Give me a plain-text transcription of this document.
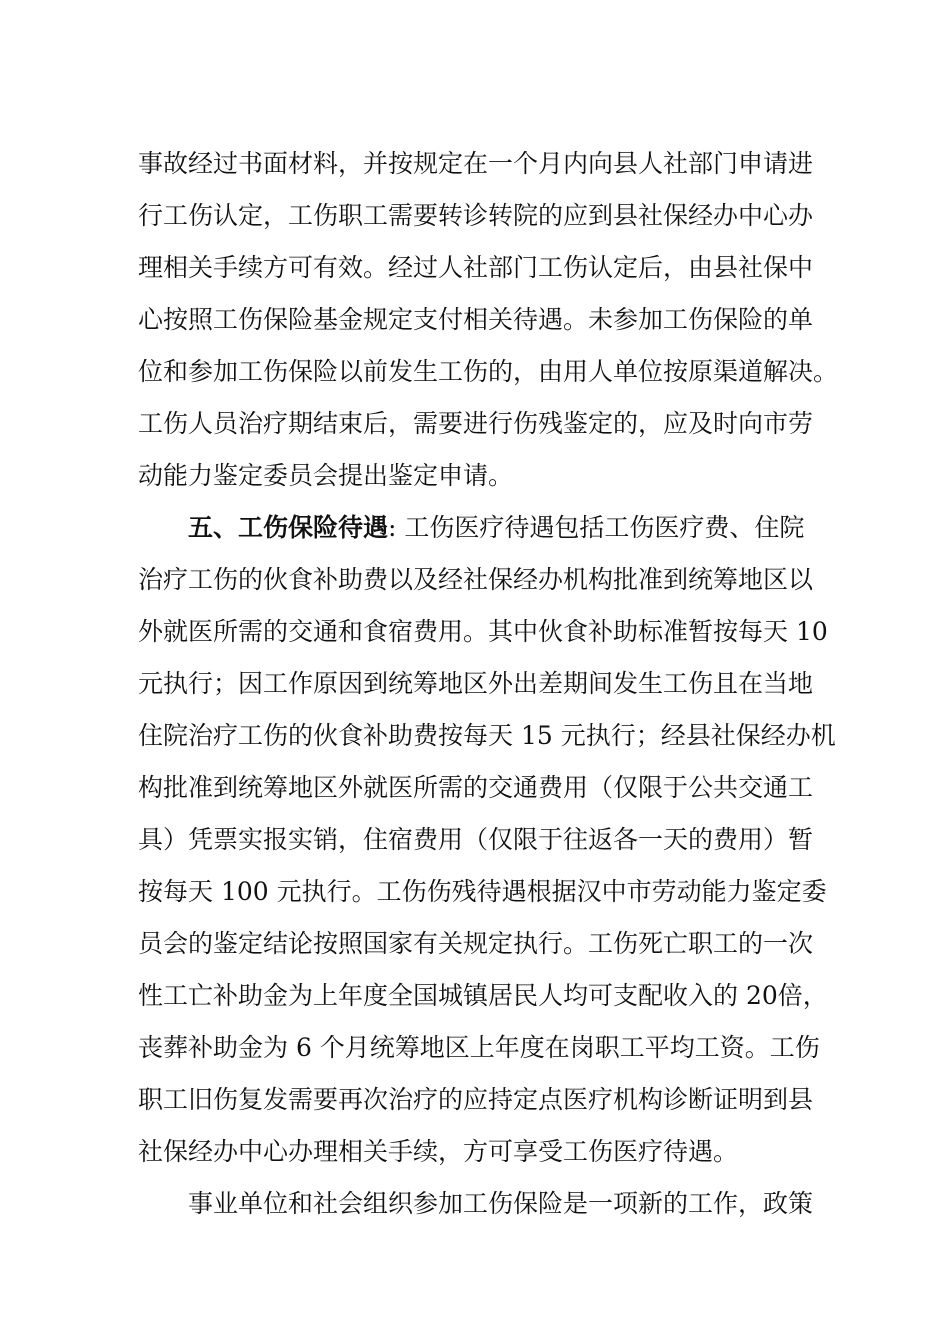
事故经过书面材料，并按规定在一个月内向县人社部门申请进
行工伤认定，工伤职工需要转诊转院的应到县社保经办中心办
理相关手续方可有效。经过人社部门工伤认定后，由县社保中
心按照工伤保险基金规定支付相关待遇。未参加工伤保险的单
位和参加工伤保险以前发生工伤的，由用人单位按原渠道解决。
工伤人员治疗期结束后，需要进行伤残鉴定的，应及时向市劳
动能力鉴定委员会提出鉴定申请。
五、工伤保险待遇: 工伤医疗待遇包括工伤医疗费、住院
治疗工伤的伙食补助费以及经社保经办机构批准到统筹地区以
外就医所需的交通和食宿费用。其中伙食补助标准暂按每天 10
元执行；因工作原因到统筹地区外出差期间发生工伤且在当地
住院治疗工伤的伙食补助费按每天 15 元执行；经县社保经办机
构批准到统筹地区外就医所需的交通费用（仅限于公共交通工
具）凭票实报实销，住宿费用（仅限于往返各一天的费用）暂
按每天 100 元执行。工伤伤残待遇根据汉中市劳动能力鉴定委
员会的鉴定结论按照国家有关规定执行。工伤死亡职工的一次
性工亡补助金为上年度全国城镇居民人均可支配收入的 20倍，
丧葬补助金为 6 个月统筹地区上年度在岗职工平均工资。工伤
职工旧伤复发需要再次治疗的应持定点医疗机构诊断证明到县
社保经办中心办理相关手续，方可享受工伤医疗待遇。
事业单位和社会组织参加工伤保险是一项新的工作，政策
